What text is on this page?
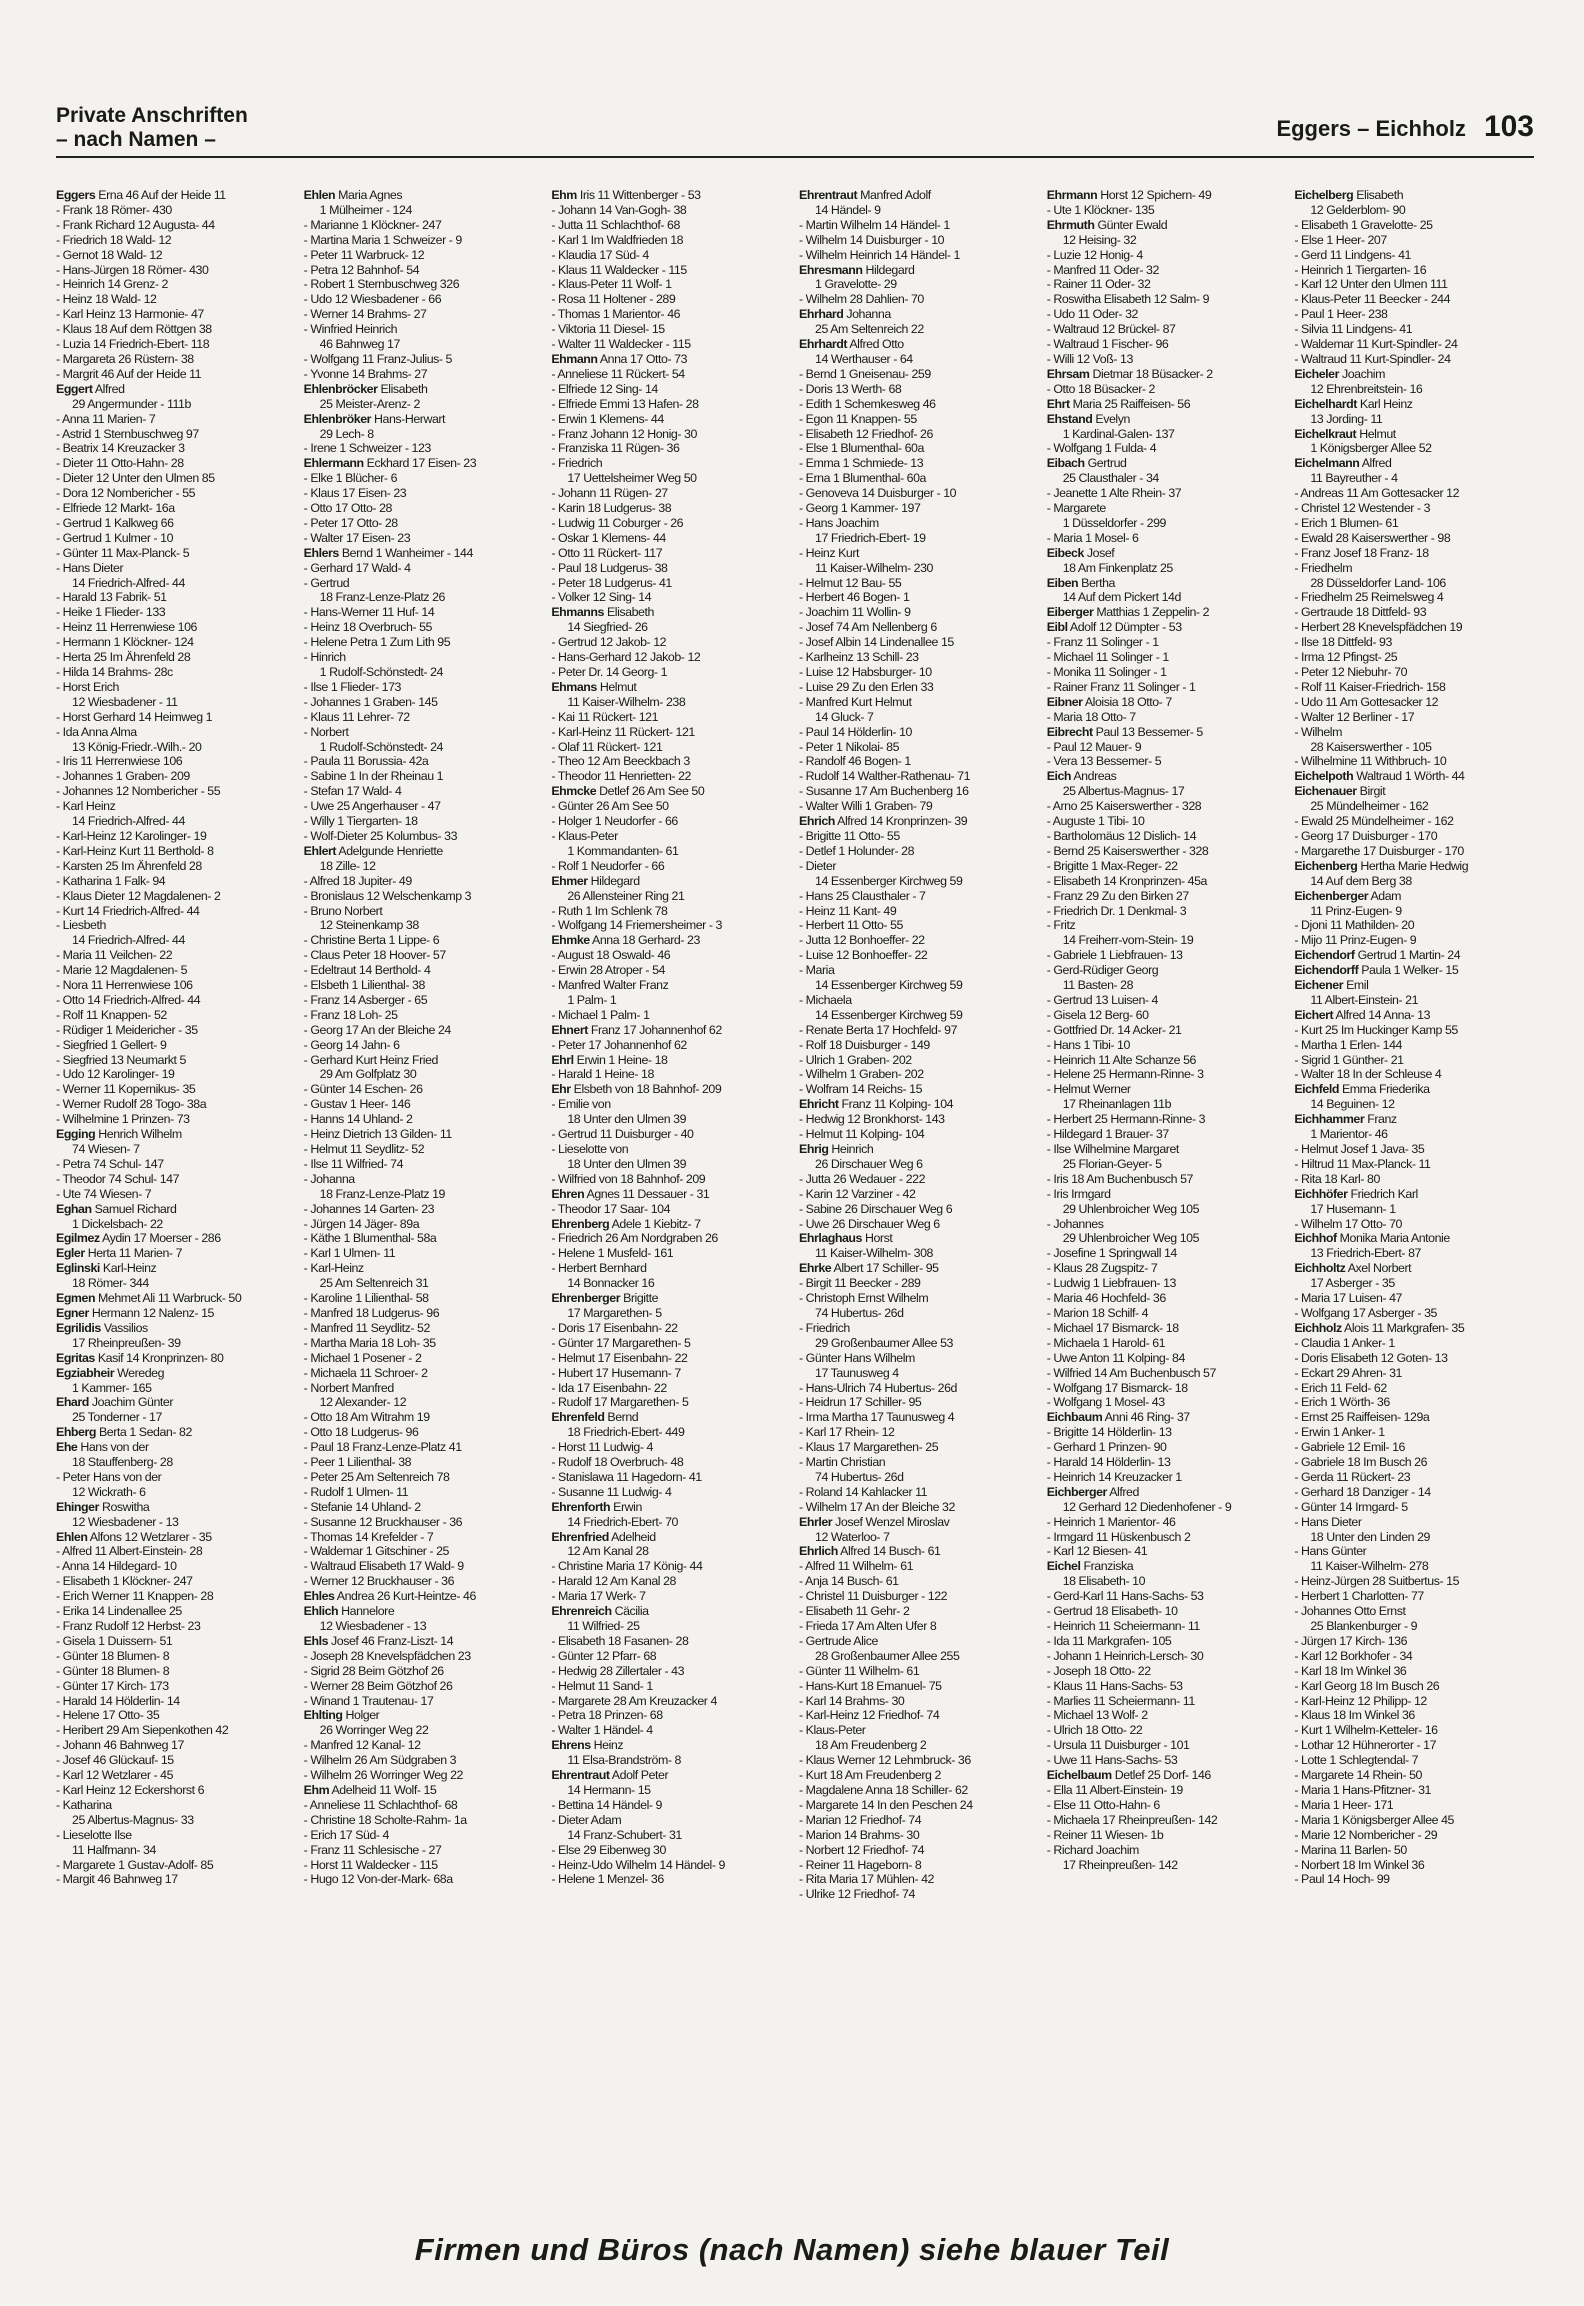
Private Anschriften
– nach Namen –	Eggers – Eichholz 103
Eggers Erna 46 Auf der Heide 11
- Frank 18 Römer- 430
- Frank Richard 12 Augusta- 44
- Friedrich 18 Wald- 12
- Gernot 18 Wald- 12
- Hans-Jürgen 18 Römer- 430
- Heinrich 14 Grenz- 2
- Heinz 18 Wald- 12
- Karl Heinz 13 Harmonie- 47
- Klaus 18 Auf dem Röttgen 38
- Luzia 14 Friedrich-Ebert- 118
- Margareta 26 Rüstern- 38
- Margrit 46 Auf der Heide 11
Eggert Alfred
29 Angermunder - 111b
- Anna 11 Marien- 7
- Astrid 1 Sternbuschweg 97
- Beatrix 14 Kreuzacker 3
- Dieter 11 Otto-Hahn- 28
- Dieter 12 Unter den Ulmen 85
- Dora 12 Nombericher - 55
- Elfriede 12 Markt- 16a
- Gertrud 1 Kalkweg 66
- Gertrud 1 Kulmer - 10
- Günter 11 Max-Planck- 5
- Hans Dieter
14 Friedrich-Alfred- 44
- Harald 13 Fabrik- 51
- Heike 1 Flieder- 133
- Heinz 11 Herrenwiese 106
- Hermann 1 Klöckner- 124
- Herta 25 Im Ährenfeld 28
- Hilda 14 Brahms- 28c
- Horst Erich
12 Wiesbadener - 11
- Horst Gerhard 14 Heimweg 1
- Ida Anna Alma
13 König-Friedr.-Wilh.- 20
- Iris 11 Herrenwiese 106
- Johannes 1 Graben- 209
- Johannes 12 Nombericher - 55
- Karl Heinz
14 Friedrich-Alfred- 44
- Karl-Heinz 12 Karolinger- 19
- Karl-Heinz Kurt 11 Berthold- 8
- Karsten 25 Im Ährenfeld 28
- Katharina 1 Falk- 94
- Klaus Dieter 12 Magdalenen- 2
- Kurt 14 Friedrich-Alfred- 44
- Liesbeth
14 Friedrich-Alfred- 44
- Maria 11 Veilchen- 22
- Marie 12 Magdalenen- 5
- Nora 11 Herrenwiese 106
- Otto 14 Friedrich-Alfred- 44
- Rolf 11 Knappen- 52
- Rüdiger 1 Meidericher - 35
- Siegfried 1 Gellert- 9
- Siegfried 13 Neumarkt 5
- Udo 12 Karolinger- 19
- Werner 11 Kopernikus- 35
- Werner Rudolf 28 Togo- 38a
- Wilhelmine 1 Prinzen- 73
Egging Henrich Wilhelm
74 Wiesen- 7
- Petra 74 Schul- 147
- Theodor 74 Schul- 147
- Ute 74 Wiesen- 7
Eghan Samuel Richard
1 Dickelsbach- 22
Egilmez Aydin 17 Moerser - 286
Egler Herta 11 Marien- 7
Eglinski Karl-Heinz
18 Römer- 344
Egmen Mehmet Ali 11 Warbruck- 50
Egner Hermann 12 Nalenz- 15
Egrilidis Vassilios
17 Rheinpreußen- 39
Egritas Kasif 14 Kronprinzen- 80
Egziabheir Weredeg
1 Kammer- 165
Ehard Joachim Günter
25 Tonderner - 17
Ehberg Berta 1 Sedan- 82
Ehe Hans von der
18 Stauffenberg- 28
- Peter Hans von der
12 Wickrath- 6
Ehinger Roswitha
12 Wiesbadener - 13
Ehlen Alfons 12 Wetzlarer - 35
- Alfred 11 Albert-Einstein- 28
- Anna 14 Hildegard- 10
- Elisabeth 1 Klöckner- 247
- Erich Werner 11 Knappen- 28
- Erika 14 Lindenallee 25
- Franz Rudolf 12 Herbst- 23
- Gisela 1 Duissern- 51
- Günter 18 Blumen- 8
- Günter 18 Blumen- 8
- Günter 17 Kirch- 173
- Harald 14 Hölderlin- 14
- Helene 17 Otto- 35
- Heribert 29 Am Siepenkothen 42
- Johann 46 Bahnweg 17
- Josef 46 Glückauf- 15
- Karl 12 Wetzlarer - 45
- Karl Heinz 12 Eckershorst 6
- Katharina
25 Albertus-Magnus- 33
- Lieselotte Ilse
11 Halfmann- 34
- Margarete 1 Gustav-Adolf- 85
- Margit 46 Bahnweg 17
Ehlen Maria Agnes
1 Mülheimer - 124
- Marianne 1 Klöckner- 247
- Martina Maria 1 Schweizer - 9
- Peter 11 Warbruck- 12
- Petra 12 Bahnhof- 54
- Robert 1 Sternbuschweg 326
- Udo 12 Wiesbadener - 66
- Werner 14 Brahms- 27
- Winfried Heinrich
46 Bahnweg 17
- Wolfgang 11 Franz-Julius- 5
- Yvonne 14 Brahms- 27
Ehlenbröcker Elisabeth
25 Meister-Arenz- 2
Ehlenbröker Hans-Herwart
29 Lech- 8
- Irene 1 Schweizer - 123
Ehlermann Eckhard 17 Eisen- 23
- Elke 1 Blücher- 6
- Klaus 17 Eisen- 23
- Otto 17 Otto- 28
- Peter 17 Otto- 28
- Walter 17 Eisen- 23
Ehlers Bernd 1 Wanheimer - 144
- Gerhard 17 Wald- 4
- Gertrud
18 Franz-Lenze-Platz 26
- Hans-Werner 11 Huf- 14
- Heinz 18 Overbruch- 55
- Helene Petra 1 Zum Lith 95
- Hinrich
1 Rudolf-Schönstedt- 24
- Ilse 1 Flieder- 173
- Johannes 1 Graben- 145
- Klaus 11 Lehrer- 72
- Norbert
1 Rudolf-Schönstedt- 24
- Paula 11 Borussia- 42a
- Sabine 1 In der Rheinau 1
- Stefan 17 Wald- 4
- Uwe 25 Angerhauser - 47
- Willy 1 Tiergarten- 18
- Wolf-Dieter 25 Kolumbus- 33
Ehlert Adelgunde Henriette
18 Zille- 12
- Alfred 18 Jupiter- 49
- Bronislaus 12 Welschenkamp 3
- Bruno Norbert
12 Steinenkamp 38
- Christine Berta 1 Lippe- 6
- Claus Peter 18 Hoover- 57
- Edeltraut 14 Berthold- 4
- Elsbeth 1 Lilienthal- 38
- Franz 14 Asberger - 65
- Franz 18 Loh- 25
- Georg 17 An der Bleiche 24
- Georg 14 Jahn- 6
- Gerhard Kurt Heinz Fried
29 Am Golfplatz 30
- Günter 14 Eschen- 26
- Gustav 1 Heer- 146
- Hanns 14 Uhland- 2
- Heinz Dietrich 13 Gilden- 11
- Helmut 11 Seydlitz- 52
- Ilse 11 Wilfried- 74
- Johanna
18 Franz-Lenze-Platz 19
- Johannes 14 Garten- 23
- Jürgen 14 Jäger- 89a
- Käthe 1 Blumenthal- 58a
- Karl 1 Ulmen- 11
- Karl-Heinz
25 Am Seltenreich 31
- Karoline 1 Lilienthal- 58
- Manfred 18 Ludgerus- 96
- Manfred 11 Seydlitz- 52
- Martha Maria 18 Loh- 35
- Michael 1 Posener - 2
- Michaela 11 Schroer- 2
- Norbert Manfred
12 Alexander- 12
- Otto 18 Am Witrahm 19
- Otto 18 Ludgerus- 96
- Paul 18 Franz-Lenze-Platz 41
- Peer 1 Lilienthal- 38
- Peter 25 Am Seltenreich 78
- Rudolf 1 Ulmen- 11
- Stefanie 14 Uhland- 2
- Susanne 12 Bruckhauser - 36
- Thomas 14 Krefelder - 7
- Waldemar 1 Gitschiner - 25
- Waltraud Elisabeth 17 Wald- 9
- Werner 12 Bruckhauser - 36
Ehles Andrea 26 Kurt-Heintze- 46
Ehlich Hannelore
12 Wiesbadener - 13
Ehls Josef 46 Franz-Liszt- 14
- Joseph 28 Knevelspfädchen 23
- Sigrid 28 Beim Götzhof 26
- Werner 28 Beim Götzhof 26
- Winand 1 Trautenau- 17
Ehlting Holger
26 Worringer Weg 22
- Manfred 12 Kanal- 12
- Wilhelm 26 Am Südgraben 3
- Wilhelm 26 Worringer Weg 22
Ehm Adelheid 11 Wolf- 15
- Anneliese 11 Schlachthof- 68
- Christine 18 Scholte-Rahm- 1a
- Erich 17 Süd- 4
- Franz 11 Schlesische - 27
- Horst 11 Waldecker - 115
- Hugo 12 Von-der-Mark- 68a
Ehm Iris 11 Wittenberger - 53
- Johann 14 Van-Gogh- 38
- Jutta 11 Schlachthof- 68
- Karl 1 Im Waldfrieden 18
- Klaudia 17 Süd- 4
- Klaus 11 Waldecker - 115
- Klaus-Peter 11 Wolf- 1
- Rosa 11 Holtener - 289
- Thomas 1 Marientor- 46
- Viktoria 11 Diesel- 15
- Walter 11 Waldecker - 115
Ehmann Anna 17 Otto- 73
- Anneliese 11 Rückert- 54
- Elfriede 12 Sing- 14
- Elfriede Emmi 13 Hafen- 28
- Erwin 1 Klemens- 44
- Franz Johann 12 Honig- 30
- Franziska 11 Rügen- 36
- Friedrich
17 Uettelsheimer Weg 50
- Johann 11 Rügen- 27
- Karin 18 Ludgerus- 38
- Ludwig 11 Coburger - 26
- Oskar 1 Klemens- 44
- Otto 11 Rückert- 117
- Paul 18 Ludgerus- 38
- Peter 18 Ludgerus- 41
- Volker 12 Sing- 14
Ehmanns Elisabeth
14 Siegfried- 26
- Gertrud 12 Jakob- 12
- Hans-Gerhard 12 Jakob- 12
- Peter Dr. 14 Georg- 1
Ehmans Helmut
11 Kaiser-Wilhelm- 238
- Kai 11 Rückert- 121
- Karl-Heinz 11 Rückert- 121
- Olaf 11 Rückert- 121
- Theo 12 Am Beeckbach 3
- Theodor 11 Henrietten- 22
Ehmcke Detlef 26 Am See 50
- Günter 26 Am See 50
- Holger 1 Neudorfer - 66
- Klaus-Peter
1 Kommandanten- 61
- Rolf 1 Neudorfer - 66
Ehmer Hildegard
26 Allensteiner Ring 21
- Ruth 1 Im Schlenk 78
- Wolfgang 14 Friemersheimer - 3
Ehmke Anna 18 Gerhard- 23
- August 18 Oswald- 46
- Erwin 28 Atroper - 54
- Manfred Walter Franz
1 Palm- 1
- Michael 1 Palm- 1
Ehnert Franz 17 Johannenhof 62
- Peter 17 Johannenhof 62
Ehrl Erwin 1 Heine- 18
- Harald 1 Heine- 18
Ehr Elsbeth von 18 Bahnhof- 209
- Emilie von
18 Unter den Ulmen 39
- Gertrud 11 Duisburger - 40
- Lieselotte von
18 Unter den Ulmen 39
- Wilfried von 18 Bahnhof- 209
Ehren Agnes 11 Dessauer - 31
- Theodor 17 Saar- 104
Ehrenberg Adele 1 Kiebitz- 7
- Friedrich 26 Am Nordgraben 26
- Helene 1 Musfeld- 161
- Herbert Bernhard
14 Bonnacker 16
Ehrenberger Brigitte
17 Margarethen- 5
- Doris 17 Eisenbahn- 22
- Günter 17 Margarethen- 5
- Helmut 17 Eisenbahn- 22
- Hubert 17 Husemann- 7
- Ida 17 Eisenbahn- 22
- Rudolf 17 Margarethen- 5
Ehrenfeld Bernd
18 Friedrich-Ebert- 449
- Horst 11 Ludwig- 4
- Rudolf 18 Overbruch- 48
- Stanislawa 11 Hagedorn- 41
- Susanne 11 Ludwig- 4
Ehrenforth Erwin
14 Friedrich-Ebert- 70
Ehrenfried Adelheid
12 Am Kanal 28
- Christine Maria 17 König- 44
- Harald 12 Am Kanal 28
- Maria 17 Werk- 7
Ehrenreich Cäcilia
11 Wilfried- 25
- Elisabeth 18 Fasanen- 28
- Günter 12 Pfarr- 68
- Hedwig 28 Zillertaler - 43
- Helmut 11 Sand- 1
- Margarete 28 Am Kreuzacker 4
- Petra 18 Prinzen- 68
- Walter 1 Händel- 4
Ehrens Heinz
11 Elsa-Brandström- 8
Ehrentraut Adolf Peter
14 Hermann- 15
- Bettina 14 Händel- 9
- Dieter Adam
14 Franz-Schubert- 31
- Else 29 Eibenweg 30
- Heinz-Udo Wilhelm 14 Händel- 9
- Helene 1 Menzel- 36
Ehrentraut Manfred Adolf
14 Händel- 9
- Martin Wilhelm 14 Händel- 1
- Wilhelm 14 Duisburger - 10
- Wilhelm Heinrich 14 Händel- 1
Ehresmann Hildegard
1 Gravelotte- 29
- Wilhelm 28 Dahlien- 70
Ehrhard Johanna
25 Am Seltenreich 22
Ehrhardt Alfred Otto
14 Werthauser - 64
- Bernd 1 Gneisenau- 259
- Doris 13 Werth- 68
- Edith 1 Schemkesweg 46
- Egon 11 Knappen- 55
- Elisabeth 12 Friedhof- 26
- Else 1 Blumenthal- 60a
- Emma 1 Schmiede- 13
- Erna 1 Blumenthal- 60a
- Genoveva 14 Duisburger - 10
- Georg 1 Kammer- 197
- Hans Joachim
17 Friedrich-Ebert- 19
- Heinz Kurt
11 Kaiser-Wilhelm- 230
- Helmut 12 Bau- 55
- Herbert 46 Bogen- 1
- Joachim 11 Wollin- 9
- Josef 74 Am Nellenberg 6
- Josef Albin 14 Lindenallee 15
- Karlheinz 13 Schill- 23
- Luise 12 Habsburger- 10
- Luise 29 Zu den Erlen 33
- Manfred Kurt Helmut
14 Gluck- 7
- Paul 14 Hölderlin- 10
- Peter 1 Nikolai- 85
- Randolf 46 Bogen- 1
- Rudolf 14 Walther-Rathenau- 71
- Susanne 17 Am Buchenberg 16
- Walter Willi 1 Graben- 79
Ehrich Alfred 14 Kronprinzen- 39
- Brigitte 11 Otto- 55
- Detlef 1 Holunder- 28
- Dieter
14 Essenberger Kirchweg 59
- Hans 25 Clausthaler - 7
- Heinz 11 Kant- 49
- Herbert 11 Otto- 55
- Jutta 12 Bonhoeffer- 22
- Luise 12 Bonhoeffer- 22
- Maria
14 Essenberger Kirchweg 59
- Michaela
14 Essenberger Kirchweg 59
- Renate Berta 17 Hochfeld- 97
- Rolf 18 Duisburger - 149
- Ulrich 1 Graben- 202
- Wilhelm 1 Graben- 202
- Wolfram 14 Reichs- 15
Ehricht Franz 11 Kolping- 104
- Hedwig 12 Bronkhorst- 143
- Helmut 11 Kolping- 104
Ehrig Heinrich
26 Dirschauer Weg 6
- Jutta 26 Wedauer - 222
- Karin 12 Varziner - 42
- Sabine 26 Dirschauer Weg 6
- Uwe 26 Dirschauer Weg 6
Ehrlaghaus Horst
11 Kaiser-Wilhelm- 308
Ehrke Albert 17 Schiller- 95
- Birgit 11 Beecker - 289
- Christoph Ernst Wilhelm
74 Hubertus- 26d
- Friedrich
29 Großenbaumer Allee 53
- Günter Hans Wilhelm
17 Taunusweg 4
- Hans-Ulrich 74 Hubertus- 26d
- Heidrun 17 Schiller- 95
- Irma Martha 17 Taunusweg 4
- Karl 17 Rhein- 12
- Klaus 17 Margarethen- 25
- Martin Christian
74 Hubertus- 26d
- Roland 14 Kahlacker 11
- Wilhelm 17 An der Bleiche 32
Ehrler Josef Wenzel Miroslav
12 Waterloo- 7
Ehrlich Alfred 14 Busch- 61
- Alfred 11 Wilhelm- 61
- Anja 14 Busch- 61
- Christel 11 Duisburger - 122
- Elisabeth 11 Gehr- 2
- Frieda 17 Am Alten Ufer 8
- Gertrude Alice
28 Großenbaumer Allee 255
- Günter 11 Wilhelm- 61
- Hans-Kurt 18 Emanuel- 75
- Karl 14 Brahms- 30
- Karl-Heinz 12 Friedhof- 74
- Klaus-Peter
18 Am Freudenberg 2
- Klaus Werner 12 Lehmbruck- 36
- Kurt 18 Am Freudenberg 2
- Magdalene Anna 18 Schiller- 62
- Margarete 14 In den Peschen 24
- Marian 12 Friedhof- 74
- Marion 14 Brahms- 30
- Norbert 12 Friedhof- 74
- Reiner 11 Hageborn- 8
- Rita Maria 17 Mühlen- 42
- Ulrike 12 Friedhof- 74
Ehrmann Horst 12 Spichern- 49
- Ute 1 Klöckner- 135
Ehrmuth Günter Ewald
12 Heising- 32
- Luzie 12 Honig- 4
- Manfred 11 Oder- 32
- Rainer 11 Oder- 32
- Roswitha Elisabeth 12 Salm- 9
- Udo 11 Oder- 32
- Waltraud 12 Brückel- 87
- Waltraud 1 Fischer- 96
- Willi 12 Voß- 13
Ehrsam Dietmar 18 Büsacker- 2
- Otto 18 Büsacker- 2
Ehrt Maria 25 Raiffeisen- 56
Ehstand Evelyn
1 Kardinal-Galen- 137
- Wolfgang 1 Fulda- 4
Eibach Gertrud
25 Clausthaler - 34
- Jeanette 1 Alte Rhein- 37
- Margarete
1 Düsseldorfer - 299
- Maria 1 Mosel- 6
Eibeck Josef
18 Am Finkenplatz 25
Eiben Bertha
14 Auf dem Pickert 14d
Eiberger Matthias 1 Zeppelin- 2
Eibl Adolf 12 Dümpter - 53
- Franz 11 Solinger - 1
- Michael 11 Solinger - 1
- Monika 11 Solinger - 1
- Rainer Franz 11 Solinger - 1
Eibner Aloisia 18 Otto- 7
- Maria 18 Otto- 7
Eibrecht Paul 13 Bessemer- 5
- Paul 12 Mauer- 9
- Vera 13 Bessemer- 5
Eich Andreas
25 Albertus-Magnus- 17
- Arno 25 Kaiserswerther - 328
- Auguste 1 Tibi- 10
- Bartholomäus 12 Dislich- 14
- Bernd 25 Kaiserswerther - 328
- Brigitte 1 Max-Reger- 22
- Elisabeth 14 Kronprinzen- 45a
- Franz 29 Zu den Birken 27
- Friedrich Dr. 1 Denkmal- 3
- Fritz
14 Freiherr-vom-Stein- 19
- Gabriele 1 Liebfrauen- 13
- Gerd-Rüdiger Georg
11 Basten- 28
- Gertrud 13 Luisen- 4
- Gisela 12 Berg- 60
- Gottfried Dr. 14 Acker- 21
- Hans 1 Tibi- 10
- Heinrich 11 Alte Schanze 56
- Helene 25 Hermann-Rinne- 3
- Helmut Werner
17 Rheinanlagen 11b
- Herbert 25 Hermann-Rinne- 3
- Hildegard 1 Brauer- 37
- Ilse Wilhelmine Margaret
25 Florian-Geyer- 5
- Iris 18 Am Buchenbusch 57
- Iris Irmgard
29 Uhlenbroicher Weg 105
- Johannes
29 Uhlenbroicher Weg 105
- Josefine 1 Springwall 14
- Klaus 28 Zugspitz- 7
- Ludwig 1 Liebfrauen- 13
- Maria 46 Hochfeld- 36
- Marion 18 Schilf- 4
- Michael 17 Bismarck- 18
- Michaela 1 Harold- 61
- Uwe Anton 11 Kolping- 84
- Wilfried 14 Am Buchenbusch 57
- Wolfgang 17 Bismarck- 18
- Wolfgang 1 Mosel- 43
Eichbaum Anni 46 Ring- 37
- Brigitte 14 Hölderlin- 13
- Gerhard 1 Prinzen- 90
- Harald 14 Hölderlin- 13
- Heinrich 14 Kreuzacker 1
Eichberger Alfred
12 Gerhard 12 Diedenhofener - 9
- Heinrich 1 Marientor- 46
- Irmgard 11 Hüskenbusch 2
- Karl 12 Biesen- 41
Eichel Franziska
18 Elisabeth- 10
- Gerd-Karl 11 Hans-Sachs- 53
- Gertrud 18 Elisabeth- 10
- Heinrich 11 Scheiermann- 11
- Ida 11 Markgrafen- 105
- Johann 1 Heinrich-Lersch- 30
- Joseph 18 Otto- 22
- Klaus 11 Hans-Sachs- 53
- Marlies 11 Scheiermann- 11
- Michael 13 Wolf- 2
- Ulrich 18 Otto- 22
- Ursula 11 Duisburger - 101
- Uwe 11 Hans-Sachs- 53
Eichelbaum Detlef 25 Dorf- 146
- Ella 11 Albert-Einstein- 19
- Else 11 Otto-Hahn- 6
- Michaela 17 Rheinpreußen- 142
- Reiner 11 Wiesen- 1b
- Richard Joachim
17 Rheinpreußen- 142
Eichelberg Elisabeth
12 Gelderblom- 90
- Elisabeth 1 Gravelotte- 25
- Else 1 Heer- 207
- Gerd 11 Lindgens- 41
- Heinrich 1 Tiergarten- 16
- Karl 12 Unter den Ulmen 111
- Klaus-Peter 11 Beecker - 244
- Paul 1 Heer- 238
- Silvia 11 Lindgens- 41
- Waldemar 11 Kurt-Spindler- 24
- Waltraud 11 Kurt-Spindler- 24
Eicheler Joachim
12 Ehrenbreitstein- 16
Eichelhardt Karl Heinz
13 Jording- 11
Eichelkraut Helmut
1 Königsberger Allee 52
Eichelmann Alfred
11 Bayreuther - 4
- Andreas 11 Am Gottesacker 12
- Christel 12 Westender - 3
- Erich 1 Blumen- 61
- Ewald 28 Kaiserswerther - 98
- Franz Josef 18 Franz- 18
- Friedhelm
28 Düsseldorfer Land- 106
- Friedhelm 25 Reimelsweg 4
- Gertraude 18 Dittfeld- 93
- Herbert 28 Knevelspfädchen 19
- Ilse 18 Dittfeld- 93
- Irma 12 Pfingst- 25
- Peter 12 Niebuhr- 70
- Rolf 11 Kaiser-Friedrich- 158
- Udo 11 Am Gottesacker 12
- Walter 12 Berliner - 17
- Wilhelm
28 Kaiserswerther - 105
- Wilhelmine 11 Withbruch- 10
Eichelpoth Waltraud 1 Wörth- 44
Eichenauer Birgit
25 Mündelheimer - 162
- Ewald 25 Mündelheimer - 162
- Georg 17 Duisburger - 170
- Margarethe 17 Duisburger - 170
Eichenberg Hertha Marie Hedwig
14 Auf dem Berg 38
Eichenberger Adam
11 Prinz-Eugen- 9
- Djoni 11 Mathilden- 20
- Mijo 11 Prinz-Eugen- 9
Eichendorf Gertrud 1 Martin- 24
Eichendorff Paula 1 Welker- 15
Eichener Emil
11 Albert-Einstein- 21
Eichert Alfred 14 Anna- 13
- Kurt 25 Im Huckinger Kamp 55
- Martha 1 Erlen- 144
- Sigrid 1 Günther- 21
- Walter 18 In der Schleuse 4
Eichfeld Emma Friederika
14 Beguinen- 12
Eichhammer Franz
1 Marientor- 46
- Helmut Josef 1 Java- 35
- Hiltrud 11 Max-Planck- 11
- Rita 18 Karl- 80
Eichhöfer Friedrich Karl
17 Husemann- 1
- Wilhelm 17 Otto- 70
Eichhof Monika Maria Antonie
13 Friedrich-Ebert- 87
Eichholtz Axel Norbert
17 Asberger - 35
- Maria 17 Luisen- 47
- Wolfgang 17 Asberger - 35
Eichholz Alois 11 Markgrafen- 35
- Claudia 1 Anker- 1
- Doris Elisabeth 12 Goten- 13
- Eckart 29 Ahren- 31
- Erich 11 Feld- 62
- Erich 1 Wörth- 36
- Ernst 25 Raiffeisen- 129a
- Erwin 1 Anker- 1
- Gabriele 12 Emil- 16
- Gabriele 18 Im Busch 26
- Gerda 11 Rückert- 23
- Gerhard 18 Danziger - 14
- Günter 14 Irmgard- 5
- Hans Dieter
18 Unter den Linden 29
- Hans Günter
11 Kaiser-Wilhelm- 278
- Heinz-Jürgen 28 Suitbertus- 15
- Herbert 1 Charlotten- 77
- Johannes Otto Ernst
25 Blankenburger - 9
- Jürgen 17 Kirch- 136
- Karl 12 Borkhofer - 34
- Karl 18 Im Winkel 36
- Karl Georg 18 Im Busch 26
- Karl-Heinz 12 Philipp- 12
- Klaus 18 Im Winkel 36
- Kurt 1 Wilhelm-Ketteler- 16
- Lothar 12 Hühnerorter - 17
- Lotte 1 Schlegtendal- 7
- Margarete 14 Rhein- 50
- Maria 1 Hans-Pfitzner- 31
- Maria 1 Heer- 171
- Maria 1 Königsberger Allee 45
- Marie 12 Nombericher - 29
- Marina 11 Barlen- 50
- Norbert 18 Im Winkel 36
- Paul 14 Hoch- 99
Firmen und Büros (nach Namen) siehe blauer Teil
